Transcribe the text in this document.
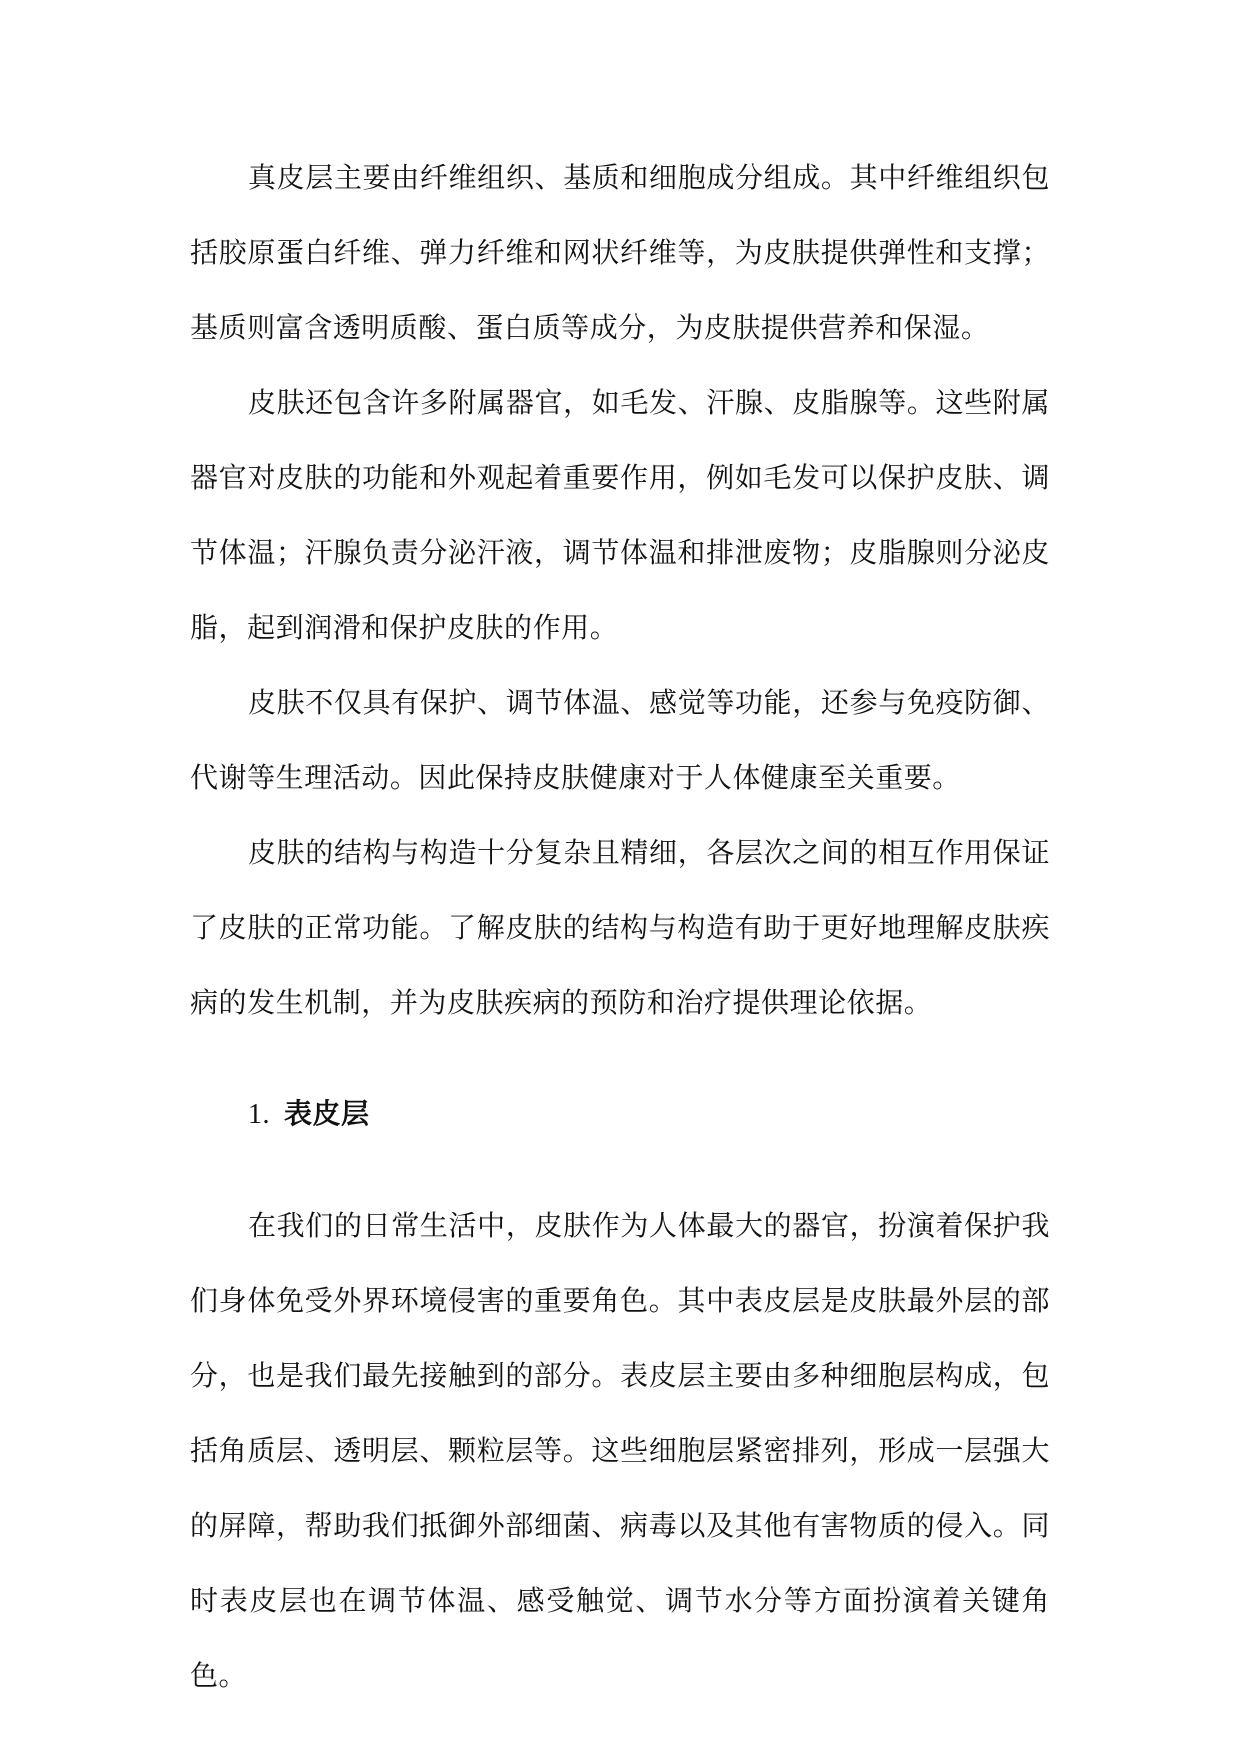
真皮层主要由纤维组织、基质和细胞成分组成。其中纤维组织包括胶原蛋白纤维、弹力纤维和网状纤维等，为皮肤提供弹性和支撑；基质则富含透明质酸、蛋白质等成分，为皮肤提供营养和保湿。

皮肤还包含许多附属器官，如毛发、汗腺、皮脂腺等。这些附属器官对皮肤的功能和外观起着重要作用，例如毛发可以保护皮肤、调节体温；汗腺负责分泌汗液，调节体温和排泄废物；皮脂腺则分泌皮脂，起到润滑和保护皮肤的作用。

皮肤不仅具有保护、调节体温、感觉等功能，还参与免疫防御、代谢等生理活动。因此保持皮肤健康对于人体健康至关重要。

皮肤的结构与构造十分复杂且精细，各层次之间的相互作用保证了皮肤的正常功能。了解皮肤的结构与构造有助于更好地理解皮肤疾病的发生机制，并为皮肤疾病的预防和治疗提供理论依据。

1. 表皮层

在我们的日常生活中，皮肤作为人体最大的器官，扮演着保护我们身体免受外界环境侵害的重要角色。其中表皮层是皮肤最外层的部分，也是我们最先接触到的部分。表皮层主要由多种细胞层构成，包括角质层、透明层、颗粒层等。这些细胞层紧密排列，形成一层强大的屏障，帮助我们抵御外部细菌、病毒以及其他有害物质的侵入。同时表皮层也在调节体温、感受触觉、调节水分等方面扮演着关键角色。
